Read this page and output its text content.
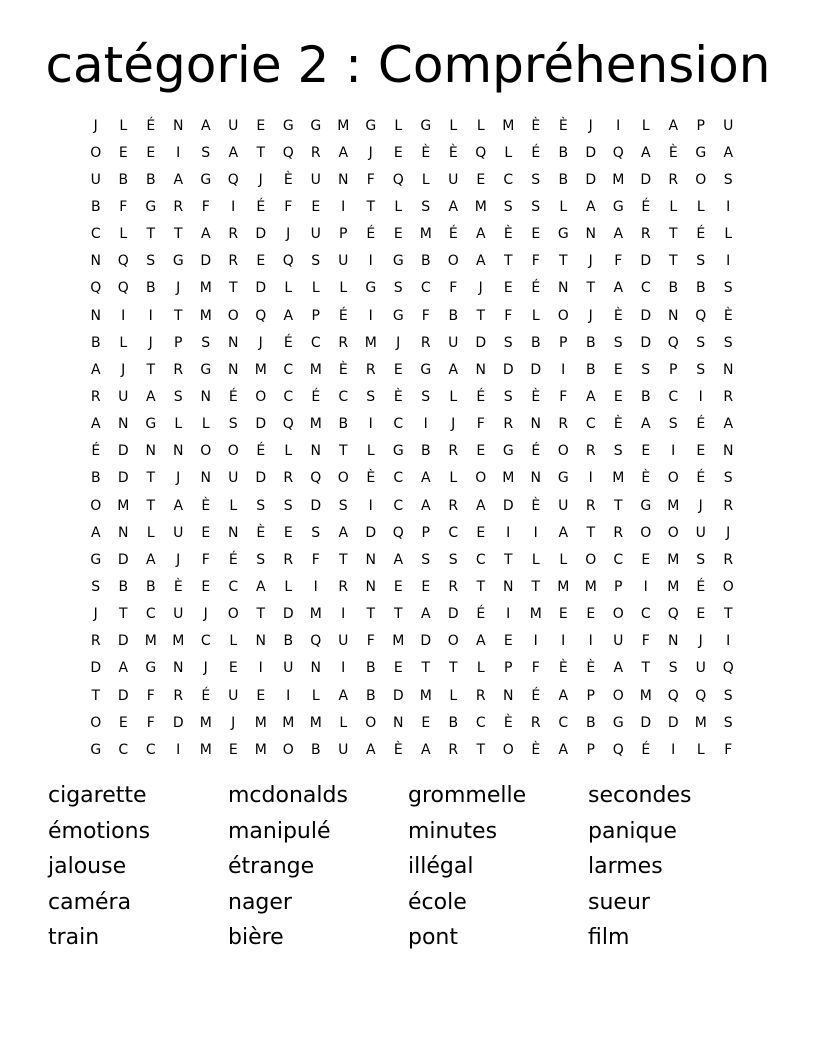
catégorie 2 : Compréhension
J	L	É	N	A	U	E	G	G	M	G	L	G	L	L	M	È	È	J	I	L	A	P	U
O	E	E	I	S	A	T	Q	R	A	J	E	È	È	Q	L	É	B	D	Q	A	È	G	A
U	B	B	A	G	Q	J	È	U	N	F	Q	L	U	E	C	S	B	D	M	D	R	O	S
B	F	G	R	F	I	É	F	E	I	T	L	S	A	M	S	S	L	A	G	É	L	L	I
C	L	T	T	A	R	D	J	U	P	É	E	M	É	A	È	E	G	N	A	R	T	É	L
N	Q	S	G	D	R	E	Q	S	U	I	G	B	O	A	T	F	T	J	F	D	T	S	I
Q	Q	B	J	M	T	D	L	L	L	G	S	C	F	J	E	É	N	T	A	C	B	B	S
N	I	I	T	M	O	Q	A	P	É	I	G	F	B	T	F	L	O	J	È	D	N	Q	È
B	L	J	P	S	N	J	É	C	R	M	J	R	U	D	S	B	P	B	S	D	Q	S	S
A	J	T	R	G	N	M	C	M	È	R	E	G	A	N	D	D	I	B	E	S	P	S	N
R	U	A	S	N	É	O	C	É	C	S	È	S	L	É	S	È	F	A	E	B	C	I	R
A	N	G	L	L	S	D	Q	M	B	I	C	I	J	F	R	N	R	C	È	A	S	É	A
É	D	N	N	O	O	É	L	N	T	L	G	B	R	E	G	É	O	R	S	E	I	E	N
B	D	T	J	N	U	D	R	Q	O	È	C	A	L	O	M	N	G	I	M	È	O	É	S
O	M	T	A	È	L	S	S	D	S	I	C	A	R	A	D	È	U	R	T	G	M	J	R
A	N	L	U	E	N	È	E	S	A	D	Q	P	C	E	I	I	A	T	R	O	O	U	J
G	D	A	J	F	É	S	R	F	T	N	A	S	S	C	T	L	L	O	C	E	M	S	R
S	B	B	È	E	C	A	L	I	R	N	E	E	R	T	N	T	M	M	P	I	M	É	O
J	T	C	U	J	O	T	D	M	I	T	T	A	D	É	I	M	E	E	O	C	Q	E	T
R	D	M	M	C	L	N	B	Q	U	F	M	D	O	A	E	I	I	I	U	F	N	J	I
D	A	G	N	J	E	I	U	N	I	B	E	T	T	L	P	F	È	È	A	T	S	U	Q
T	D	F	R	É	U	E	I	L	A	B	D	M	L	R	N	É	A	P	O	M	Q	Q	S
O	E	F	D	M	J	M	M	M	L	O	N	E	B	C	È	R	C	B	G	D	D	M	S
G	C	C	I	M	E	M	O	B	U	A	È	A	R	T	O	È	A	P	Q	É	I	L	F
cigarette	mcdonalds	grommelle	secondes
émotions	manipulé	minutes	panique
jalouse	étrange	illégal	larmes
caméra	nager	école	sueur
train	bière	pont	film
